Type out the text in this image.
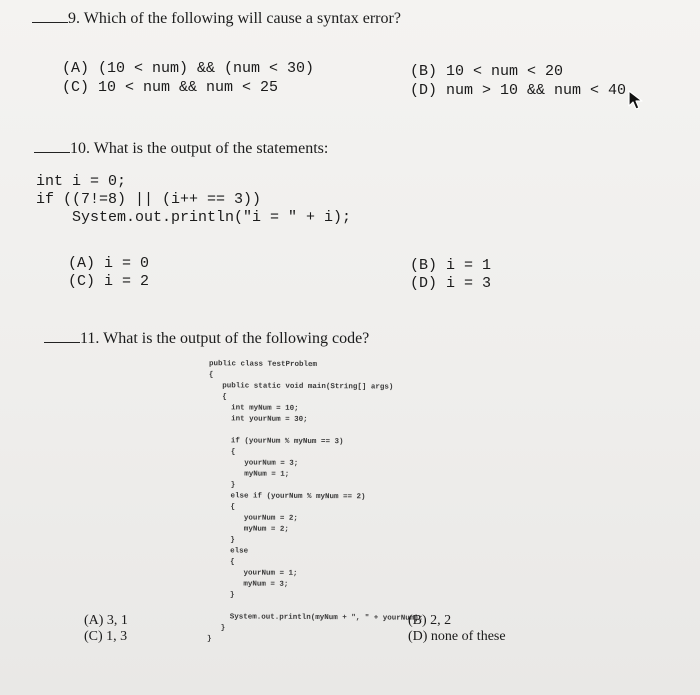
9. Which of the following will cause a syntax error?
(A) (10 < num) && (num < 30)
(C) 10 < num && num < 25
(B) 10 < num < 20
(D) num > 10 && num < 40
10. What is the output of the statements:
int i = 0;
if ((7!=8) || (i++ == 3))
System.out.println("i = " + i);
(A) i = 0
(C) i = 2
(B) i = 1
(D) i = 3
11. What is the output of the following code?
public class TestProblem
{
public static void main(String[] args)
{
int myNum = 10;
int yourNum = 30;
if (yourNum % myNum == 3)
{
yourNum = 3;
myNum = 1;
}
else if (yourNum % myNum == 2)
{
yourNum = 2;
myNum = 2;
}
else
{
yourNum = 1;
myNum = 3;
}
System.out.println(myNum + ", " + yourNum);
}
}
(A) 3, 1
(C) 1, 3
(B) 2, 2
(D) none of these
